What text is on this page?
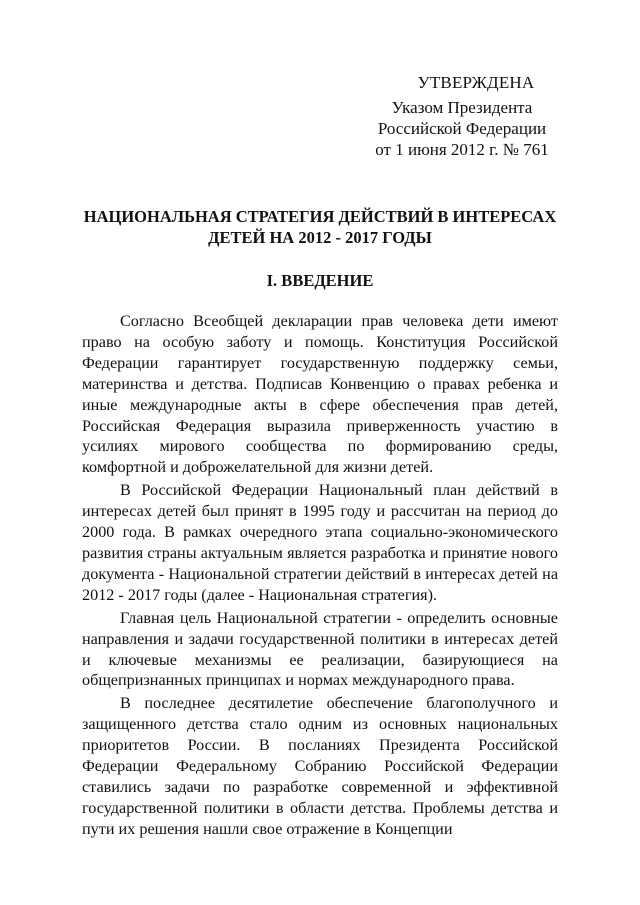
УТВЕРЖДЕНА
Указом Президента
Российской Федерации
от 1 июня 2012 г. № 761
НАЦИОНАЛЬНАЯ СТРАТЕГИЯ ДЕЙСТВИЙ В ИНТЕРЕСАХ ДЕТЕЙ НА 2012 - 2017 ГОДЫ
I. ВВЕДЕНИЕ

Согласно Всеобщей декларации прав человека дети имеют право на особую заботу и помощь. Конституция Российской Федерации гарантирует государственную поддержку семьи, материнства и детства. Подписав Конвенцию о правах ребенка и иные международные акты в сфере обеспечения прав детей, Российская Федерация выразила приверженность участию в усилиях мирового сообщества по формированию среды, комфортной и доброжелательной для жизни детей.

В Российской Федерации Национальный план действий в интересах детей был принят в 1995 году и рассчитан на период до 2000 года. В рамках очередного этапа социально-экономического развития страны актуальным является разработка и принятие нового документа - Национальной стратегии действий в интересах детей на 2012 - 2017 годы (далее - Национальная стратегия).

Главная цель Национальной стратегии - определить основные направления и задачи государственной политики в интересах детей и ключевые механизмы ее реализации, базирующиеся на общепризнанных принципах и нормах международного права.

В последнее десятилетие обеспечение благополучного и защищенного детства стало одним из основных национальных приоритетов России. В посланиях Президента Российской Федерации Федеральному Собранию Российской Федерации ставились задачи по разработке современной и эффективной государственной политики в области детства. Проблемы детства и пути их решения нашли свое отражение в Концепции
